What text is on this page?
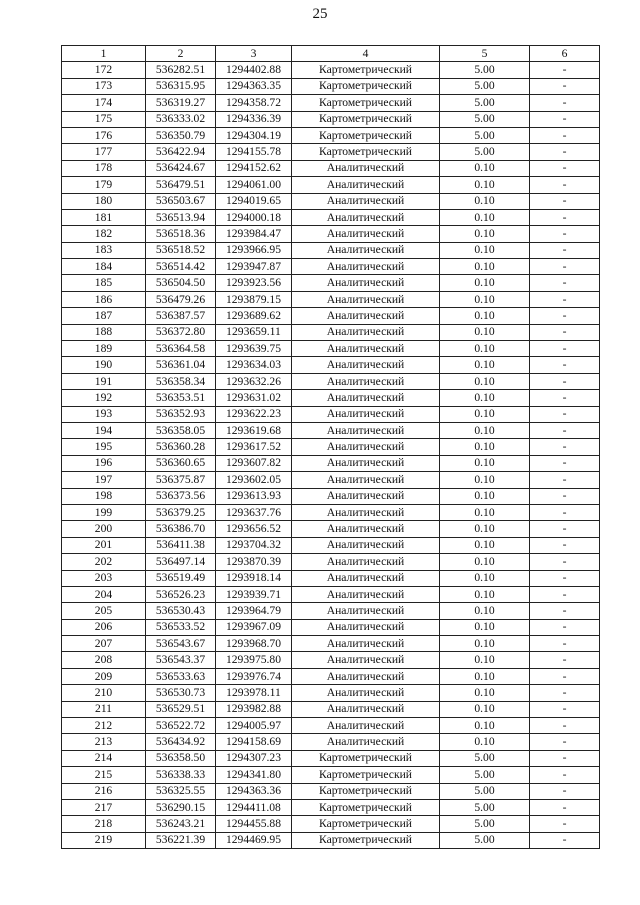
25
1	2	3	4	5	6
172	536282.51	1294402.88	Картометрический	5.00	-
173	536315.95	1294363.35	Картометрический	5.00	-
174	536319.27	1294358.72	Картометрический	5.00	-
175	536333.02	1294336.39	Картометрический	5.00	-
176	536350.79	1294304.19	Картометрический	5.00	-
177	536422.94	1294155.78	Картометрический	5.00	-
178	536424.67	1294152.62	Аналитический	0.10	-
179	536479.51	1294061.00	Аналитический	0.10	-
180	536503.67	1294019.65	Аналитический	0.10	-
181	536513.94	1294000.18	Аналитический	0.10	-
182	536518.36	1293984.47	Аналитический	0.10	-
183	536518.52	1293966.95	Аналитический	0.10	-
184	536514.42	1293947.87	Аналитический	0.10	-
185	536504.50	1293923.56	Аналитический	0.10	-
186	536479.26	1293879.15	Аналитический	0.10	-
187	536387.57	1293689.62	Аналитический	0.10	-
188	536372.80	1293659.11	Аналитический	0.10	-
189	536364.58	1293639.75	Аналитический	0.10	-
190	536361.04	1293634.03	Аналитический	0.10	-
191	536358.34	1293632.26	Аналитический	0.10	-
192	536353.51	1293631.02	Аналитический	0.10	-
193	536352.93	1293622.23	Аналитический	0.10	-
194	536358.05	1293619.68	Аналитический	0.10	-
195	536360.28	1293617.52	Аналитический	0.10	-
196	536360.65	1293607.82	Аналитический	0.10	-
197	536375.87	1293602.05	Аналитический	0.10	-
198	536373.56	1293613.93	Аналитический	0.10	-
199	536379.25	1293637.76	Аналитический	0.10	-
200	536386.70	1293656.52	Аналитический	0.10	-
201	536411.38	1293704.32	Аналитический	0.10	-
202	536497.14	1293870.39	Аналитический	0.10	-
203	536519.49	1293918.14	Аналитический	0.10	-
204	536526.23	1293939.71	Аналитический	0.10	-
205	536530.43	1293964.79	Аналитический	0.10	-
206	536533.52	1293967.09	Аналитический	0.10	-
207	536543.67	1293968.70	Аналитический	0.10	-
208	536543.37	1293975.80	Аналитический	0.10	-
209	536533.63	1293976.74	Аналитический	0.10	-
210	536530.73	1293978.11	Аналитический	0.10	-
211	536529.51	1293982.88	Аналитический	0.10	-
212	536522.72	1294005.97	Аналитический	0.10	-
213	536434.92	1294158.69	Аналитический	0.10	-
214	536358.50	1294307.23	Картометрический	5.00	-
215	536338.33	1294341.80	Картометрический	5.00	-
216	536325.55	1294363.36	Картометрический	5.00	-
217	536290.15	1294411.08	Картометрический	5.00	-
218	536243.21	1294455.88	Картометрический	5.00	-
219	536221.39	1294469.95	Картометрический	5.00	-
